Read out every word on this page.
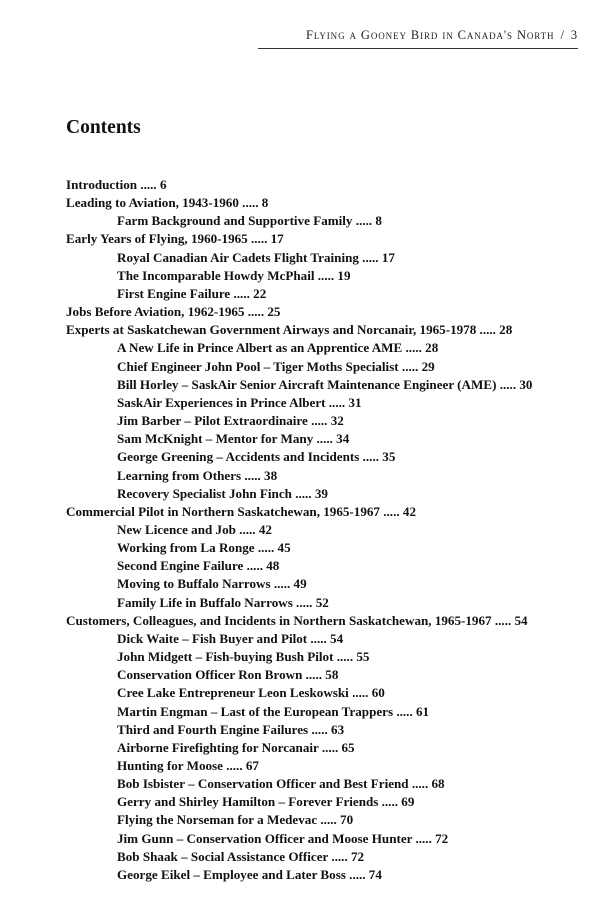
Flying a Gooney Bird in Canada's North / 3
Contents
Introduction ..... 6
Leading to Aviation, 1943-1960 ..... 8
Farm Background and Supportive Family ..... 8
Early Years of Flying, 1960-1965 ..... 17
Royal Canadian Air Cadets Flight Training ..... 17
The Incomparable Howdy McPhail ..... 19
First Engine Failure ..... 22
Jobs Before Aviation, 1962-1965 ..... 25
Experts at Saskatchewan Government Airways and Norcanair, 1965-1978 ..... 28
A New Life in Prince Albert as an Apprentice AME ..... 28
Chief Engineer John Pool – Tiger Moths Specialist ..... 29
Bill Horley – SaskAir Senior Aircraft Maintenance Engineer (AME) ..... 30
SaskAir Experiences in Prince Albert ..... 31
Jim Barber – Pilot Extraordinaire ..... 32
Sam McKnight – Mentor for Many ..... 34
George Greening – Accidents and Incidents ..... 35
Learning from Others ..... 38
Recovery Specialist John Finch ..... 39
Commercial Pilot in Northern Saskatchewan, 1965-1967 ..... 42
New Licence and Job ..... 42
Working from La Ronge ..... 45
Second Engine Failure ..... 48
Moving to Buffalo Narrows ..... 49
Family Life in Buffalo Narrows ..... 52
Customers, Colleagues, and Incidents in Northern Saskatchewan, 1965-1967 ..... 54
Dick Waite – Fish Buyer and Pilot ..... 54
John Midgett – Fish-buying Bush Pilot ..... 55
Conservation Officer Ron Brown ..... 58
Cree Lake Entrepreneur Leon Leskowski ..... 60
Martin Engman – Last of the European Trappers ..... 61
Third and Fourth Engine Failures ..... 63
Airborne Firefighting for Norcanair ..... 65
Hunting for Moose ..... 67
Bob Isbister – Conservation Officer and Best Friend ..... 68
Gerry and Shirley Hamilton – Forever Friends ..... 69
Flying the Norseman for a Medevac ..... 70
Jim Gunn – Conservation Officer and Moose Hunter ..... 72
Bob Shaak – Social Assistance Officer ..... 72
George Eikel – Employee and Later Boss ..... 74
